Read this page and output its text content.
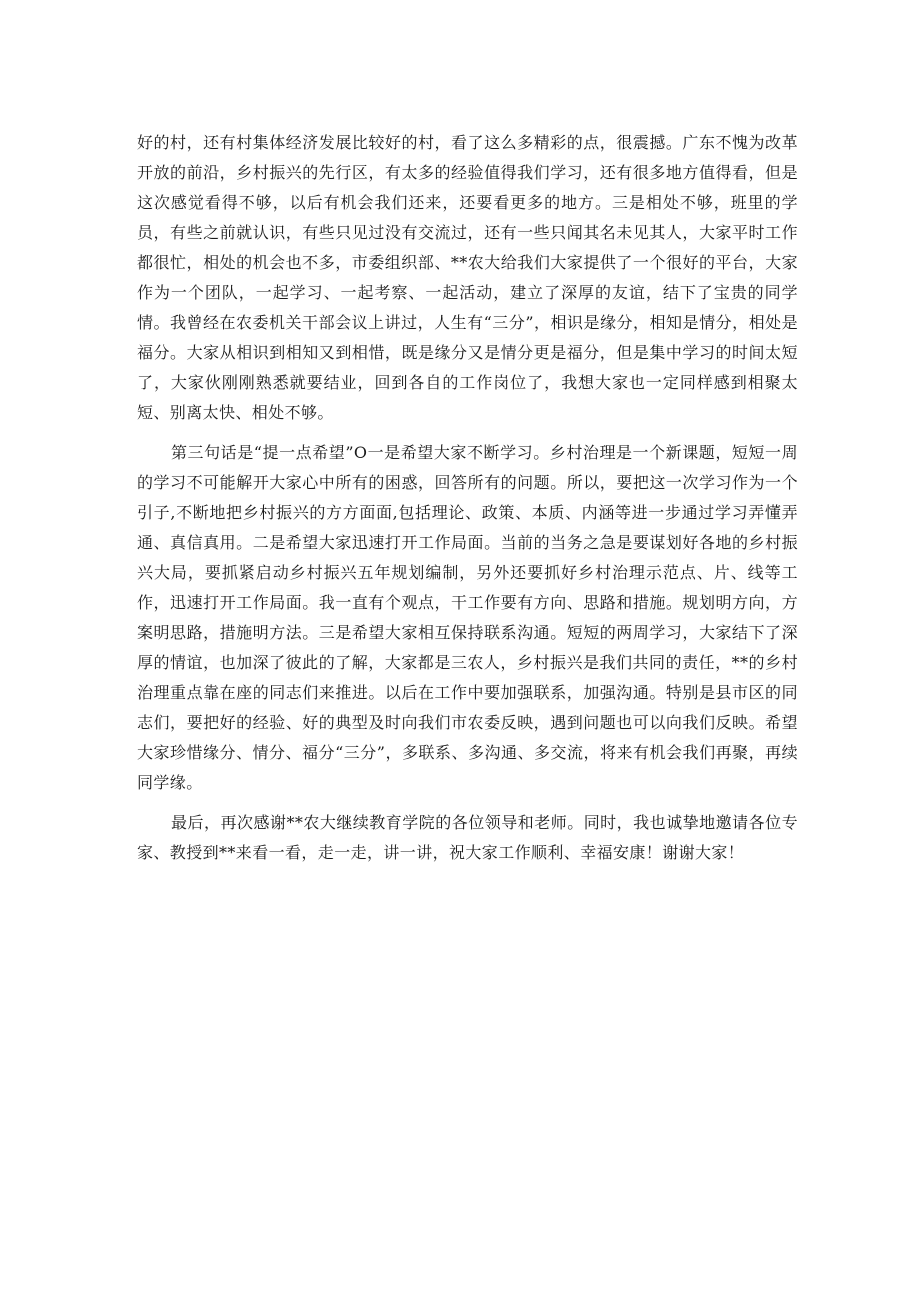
好的村，还有村集体经济发展比较好的村，看了这么多精彩的点，很震撼。广东不愧为改革开放的前沿，乡村振兴的先行区，有太多的经验值得我们学习，还有很多地方值得看，但是这次感觉看得不够，以后有机会我们还来，还要看更多的地方。三是相处不够，班里的学员，有些之前就认识，有些只见过没有交流过，还有一些只闻其名未见其人，大家平时工作都很忙，相处的机会也不多，市委组织部、**农大给我们大家提供了一个很好的平台，大家作为一个团队，一起学习、一起考察、一起活动，建立了深厚的友谊，结下了宝贵的同学情。我曾经在农委机关干部会议上讲过，人生有“三分”，相识是缘分，相知是情分，相处是福分。大家从相识到相知又到相惜，既是缘分又是情分更是福分，但是集中学习的时间太短了，大家伙刚刚熟悉就要结业，回到各自的工作岗位了，我想大家也一定同样感到相聚太短、别离太快、相处不够。

第三句话是“提一点希望”O一是希望大家不断学习。乡村治理是一个新课题，短短一周的学习不可能解开大家心中所有的困惑，回答所有的问题。所以，要把这一次学习作为一个引子,不断地把乡村振兴的方方面面,包括理论、政策、本质、内涵等进一步通过学习弄懂弄通、真信真用。二是希望大家迅速打开工作局面。当前的当务之急是要谋划好各地的乡村振兴大局，要抓紧启动乡村振兴五年规划编制，另外还要抓好乡村治理示范点、片、线等工作，迅速打开工作局面。我一直有个观点，干工作要有方向、思路和措施。规划明方向，方案明思路，措施明方法。三是希望大家相互保持联系沟通。短短的两周学习，大家结下了深厚的情谊，也加深了彼此的了解，大家都是三农人，乡村振兴是我们共同的责任，**的乡村治理重点靠在座的同志们来推进。以后在工作中要加强联系，加强沟通。特别是县市区的同志们，要把好的经验、好的典型及时向我们市农委反映，遇到问题也可以向我们反映。希望大家珍惜缘分、情分、福分“三分”，多联系、多沟通、多交流，将来有机会我们再聚，再续同学缘。

最后，再次感谢**农大继续教育学院的各位领导和老师。同时，我也诚挚地邀请各位专家、教授到**来看一看，走一走，讲一讲，祝大家工作顺利、幸福安康！谢谢大家！
